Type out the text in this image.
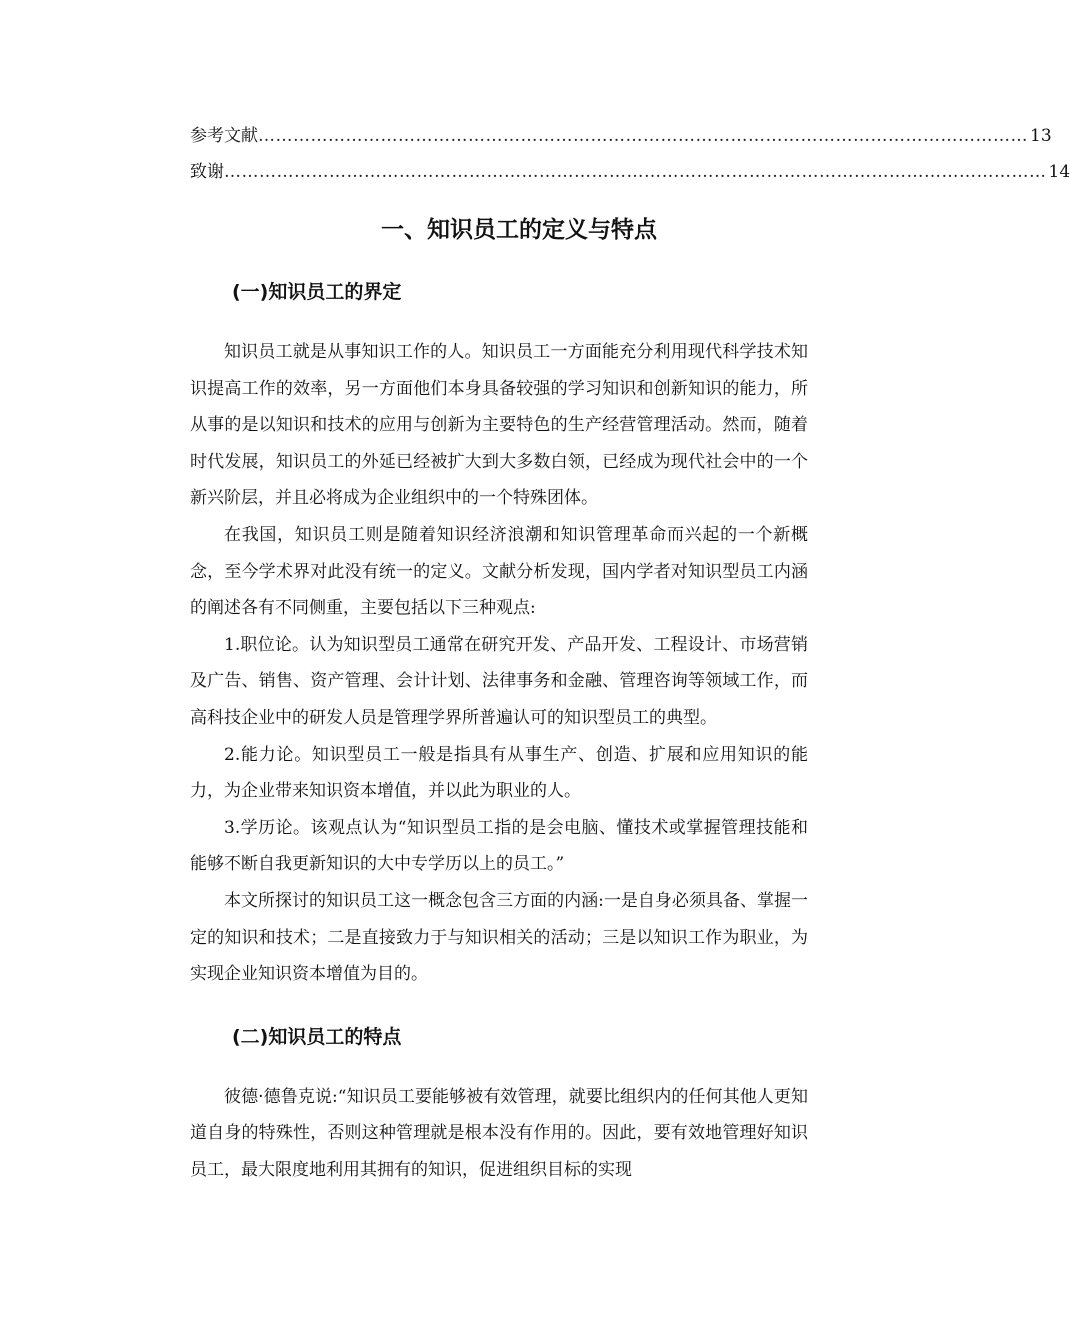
参考文献 …………………………………………………………………………………………………………………… 13
致谢 …………………………………………………………………………………………………………………………… 14
一、知识员工的定义与特点
(一)知识员工的界定

知识员工就是从事知识工作的人。知识员工一方面能充分利用现代科学技术知识提高工作的效率，另一方面他们本身具备较强的学习知识和创新知识的能力，所从事的是以知识和技术的应用与创新为主要特色的生产经营管理活动。然而，随着时代发展，知识员工的外延已经被扩大到大多数白领，已经成为现代社会中的一个新兴阶层，并且必将成为企业组织中的一个特殊团体。

在我国，知识员工则是随着知识经济浪潮和知识管理革命而兴起的一个新概念，至今学术界对此没有统一的定义。文献分析发现，国内学者对知识型员工内涵的阐述各有不同侧重，主要包括以下三种观点:

1.职位论。认为知识型员工通常在研究开发、产品开发、工程设计、市场营销及广告、销售、资产管理、会计计划、法律事务和金融、管理咨询等领域工作，而高科技企业中的研发人员是管理学界所普遍认可的知识型员工的典型。

2.能力论。知识型员工一般是指具有从事生产、创造、扩展和应用知识的能力，为企业带来知识资本增值，并以此为职业的人。

3.学历论。该观点认为“知识型员工指的是会电脑、懂技术或掌握管理技能和能够不断自我更新知识的大中专学历以上的员工。”

本文所探讨的知识员工这一概念包含三方面的内涵:一是自身必须具备、掌握一定的知识和技术；二是直接致力于与知识相关的活动；三是以知识工作为职业，为实现企业知识资本增值为目的。

(二)知识员工的特点

彼德·德鲁克说:“知识员工要能够被有效管理，就要比组织内的任何其他人更知道自身的特殊性，否则这种管理就是根本没有作用的。因此，要有效地管理好知识员工，最大限度地利用其拥有的知识，促进组织目标的实现
